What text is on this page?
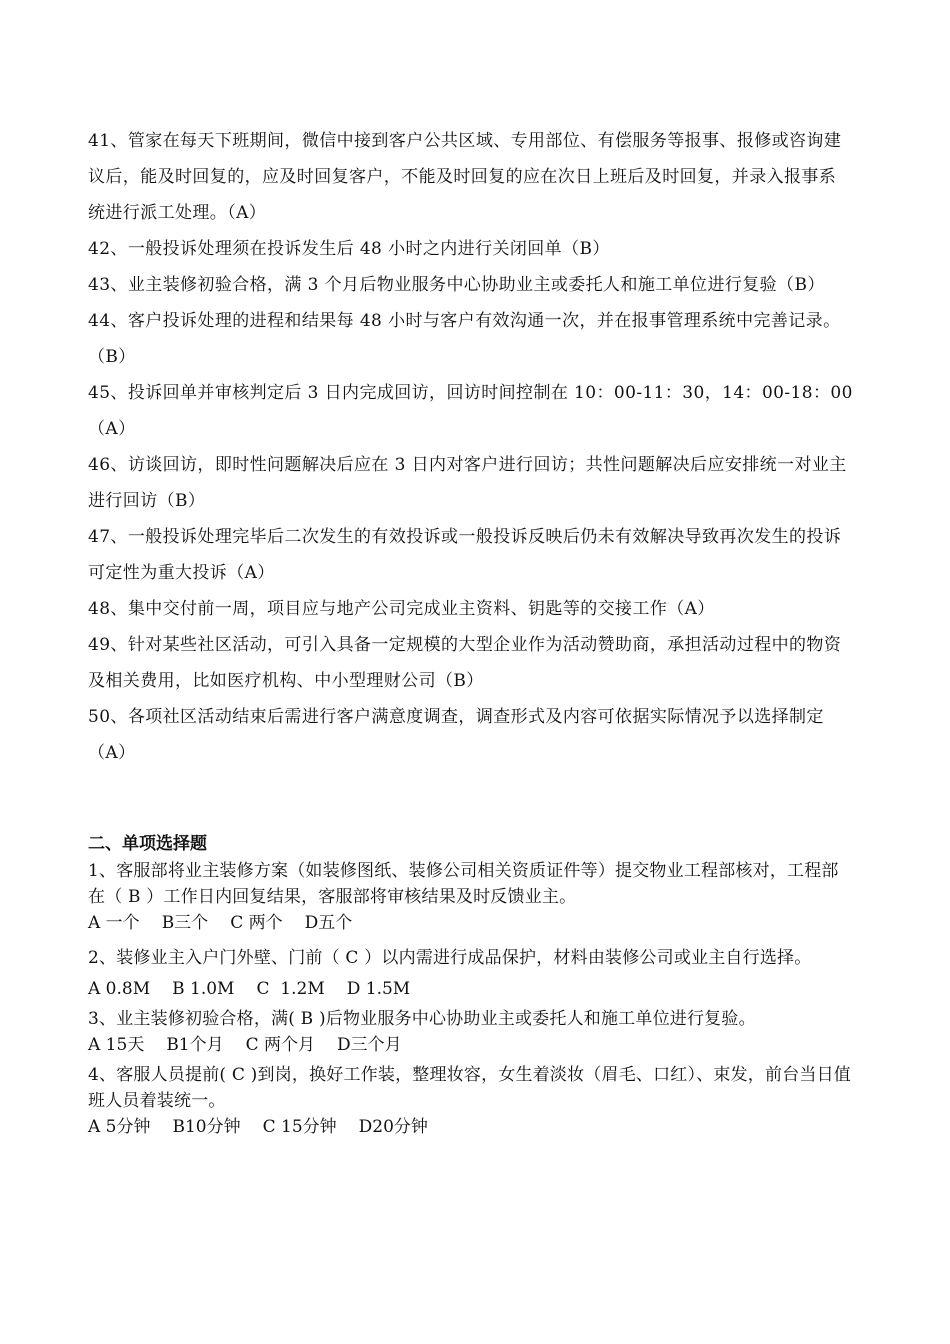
41、管家在每天下班期间，微信中接到客户公共区域、专用部位、有偿服务等报事、报修或咨询建议后，能及时回复的，应及时回复客户，不能及时回复的应在次日上班后及时回复，并录入报事系统进行派工处理。（A）

42、一般投诉处理须在投诉发生后 48 小时之内进行关闭回单（B）

43、业主装修初验合格，满 3 个月后物业服务中心协助业主或委托人和施工单位进行复验（B）

44、客户投诉处理的进程和结果每 48 小时与客户有效沟通一次，并在报事管理系统中完善记录。（B）

45、投诉回单并审核判定后 3 日内完成回访，回访时间控制在 10：00-11：30，14：00-18：00（A）

46、访谈回访，即时性问题解决后应在 3 日内对客户进行回访；共性问题解决后应安排统一对业主进行回访（B）

47、一般投诉处理完毕后二次发生的有效投诉或一般投诉反映后仍未有效解决导致再次发生的投诉可定性为重大投诉（A）

48、集中交付前一周，项目应与地产公司完成业主资料、钥匙等的交接工作（A）

49、针对某些社区活动，可引入具备一定规模的大型企业作为活动赞助商，承担活动过程中的物资及相关费用，比如医疗机构、中小型理财公司（B）

50、各项社区活动结束后需进行客户满意度调查，调查形式及内容可依据实际情况予以选择制定（A）

二、单项选择题

1、客服部将业主装修方案（如装修图纸、装修公司相关资质证件等）提交物业工程部核对，工程部在（ B ）工作日内回复结果，客服部将审核结果及时反馈业主。

A 一个 B三个 C 两个 D五个

2、装修业主入户门外壁、门前（ C ）以内需进行成品保护，材料由装修公司或业主自行选择。

A 0.8M B 1.0M C  1.2M D 1.5M

3、业主装修初验合格，满( B )后物业服务中心协助业主或委托人和施工单位进行复验。

A 15天 B1个月 C 两个月 D三个月

4、客服人员提前( C )到岗，换好工作装，整理妆容，女生着淡妆（眉毛、口红）、束发，前台当日值班人员着装统一。

A 5分钟 B10分钟 C 15分钟 D20分钟
